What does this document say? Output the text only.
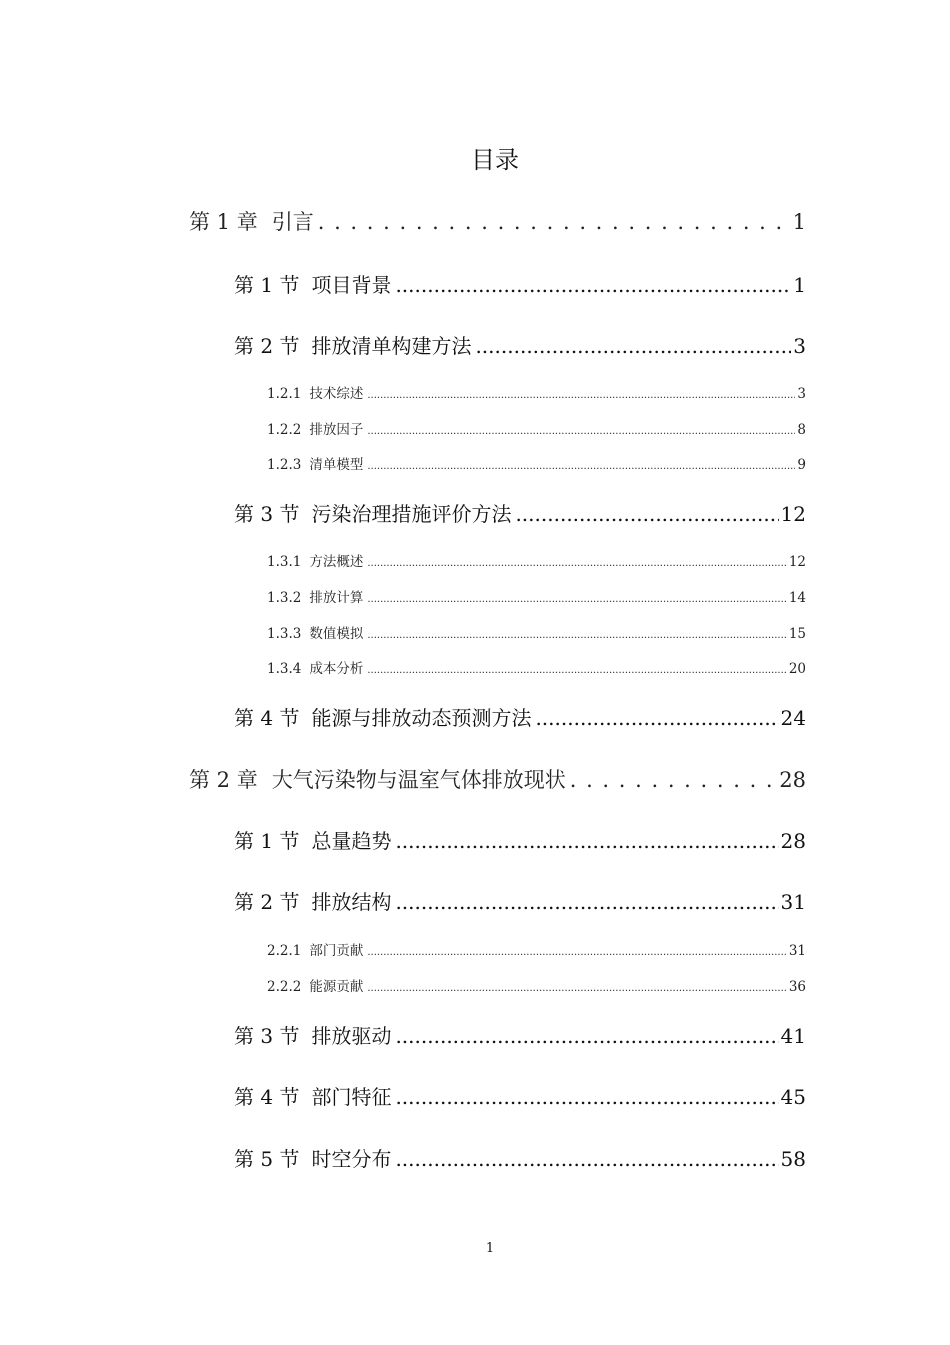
目录
第 1 章 引言 . . .	1
第 1 节 项目背景 .....	1
第 2 节 排放清单构建方法 .....	3
1.2.1 技术综述 .....	3
1.2.2 排放因子 .....	8
1.2.3 清单模型 .....	9
第 3 节 污染治理措施评价方法 .....	12
1.3.1 方法概述 .....	12
1.3.2 排放计算 .....	14
1.3.3 数值模拟 .....	15
1.3.4 成本分析 .....	20
第 4 节 能源与排放动态预测方法 .....	24
第 2 章 大气污染物与温室气体排放现状 . . .	28
第 1 节 总量趋势 .....	28
第 2 节 排放结构 .....	31
2.2.1 部门贡献 .....	31
2.2.2 能源贡献 .....	36
第 3 节 排放驱动 .....	41
第 4 节 部门特征 .....	45
第 5 节 时空分布 .....	58
1
